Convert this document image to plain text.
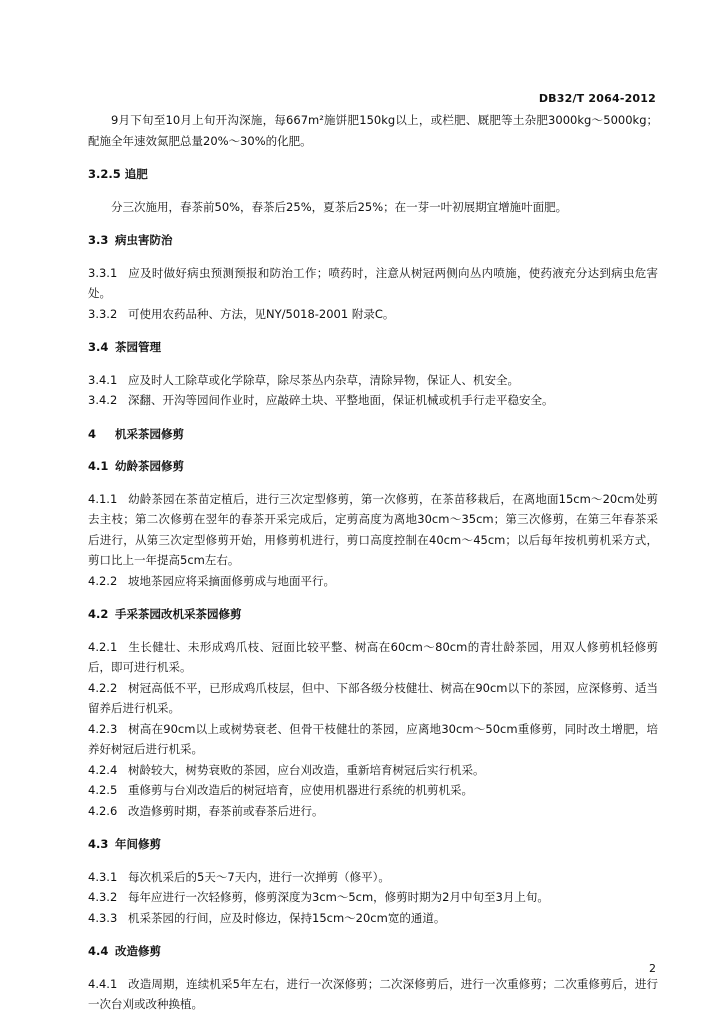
DB32/T 2064-2012

9月下旬至10月上旬开沟深施，每667m²施饼肥150kg以上，或栏肥、厩肥等土杂肥3000kg～5000kg；配施全年速效氮肥总量20%～30%的化肥。

3.2.5 追肥

分三次施用，春茶前50%，春茶后25%，夏茶后25%；在一芽一叶初展期宜增施叶面肥。

3.3 病虫害防治

3.3.1 应及时做好病虫预测预报和防治工作；喷药时，注意从树冠两侧向丛内喷施，使药液充分达到病虫危害处。

3.3.2 可使用农药品种、方法，见NY/5018-2001 附录C。

3.4 茶园管理

3.4.1 应及时人工除草或化学除草，除尽茶丛内杂草，清除异物，保证人、机安全。

3.4.2 深翻、开沟等园间作业时，应敲碎土块、平整地面，保证机械或机手行走平稳安全。

4 机采茶园修剪
4.1 幼龄茶园修剪

4.1.1 幼龄茶园在茶苗定植后，进行三次定型修剪，第一次修剪，在茶苗移栽后，在离地面15cm～20cm处剪去主枝；第二次修剪在翌年的春茶开采完成后，定剪高度为离地30cm～35cm；第三次修剪，在第三年春茶采后进行，从第三次定型修剪开始，用修剪机进行，剪口高度控制在40cm～45cm；以后每年按机剪机采方式，剪口比上一年提高5cm左右。

4.2.2 坡地茶园应将采摘面修剪成与地面平行。

4.2 手采茶园改机采茶园修剪

4.2.1 生长健壮、未形成鸡爪枝、冠面比较平整、树高在60cm～80cm的青壮龄茶园，用双人修剪机轻修剪后，即可进行机采。

4.2.2 树冠高低不平，已形成鸡爪枝层，但中、下部各级分枝健壮、树高在90cm以下的茶园，应深修剪、适当留养后进行机采。

4.2.3 树高在90cm以上或树势衰老、但骨干枝健壮的茶园，应离地30cm～50cm重修剪，同时改土增肥，培养好树冠后进行机采。

4.2.4 树龄较大，树势衰败的茶园，应台刈改造，重新培育树冠后实行机采。

4.2.5 重修剪与台刈改造后的树冠培育，应使用机器进行系统的机剪机采。

4.2.6 改造修剪时期，春茶前或春茶后进行。

4.3 年间修剪

4.3.1 每次机采后的5天～7天内，进行一次掸剪（修平）。

4.3.2 每年应进行一次轻修剪，修剪深度为3cm～5cm，修剪时期为2月中旬至3月上旬。

4.3.3 机采茶园的行间，应及时修边，保持15cm～20cm宽的通道。

4.4 改造修剪

4.4.1 改造周期，连续机采5年左右，进行一次深修剪；二次深修剪后，进行一次重修剪；二次重修剪后，进行一次台刈或改种换植。

2
